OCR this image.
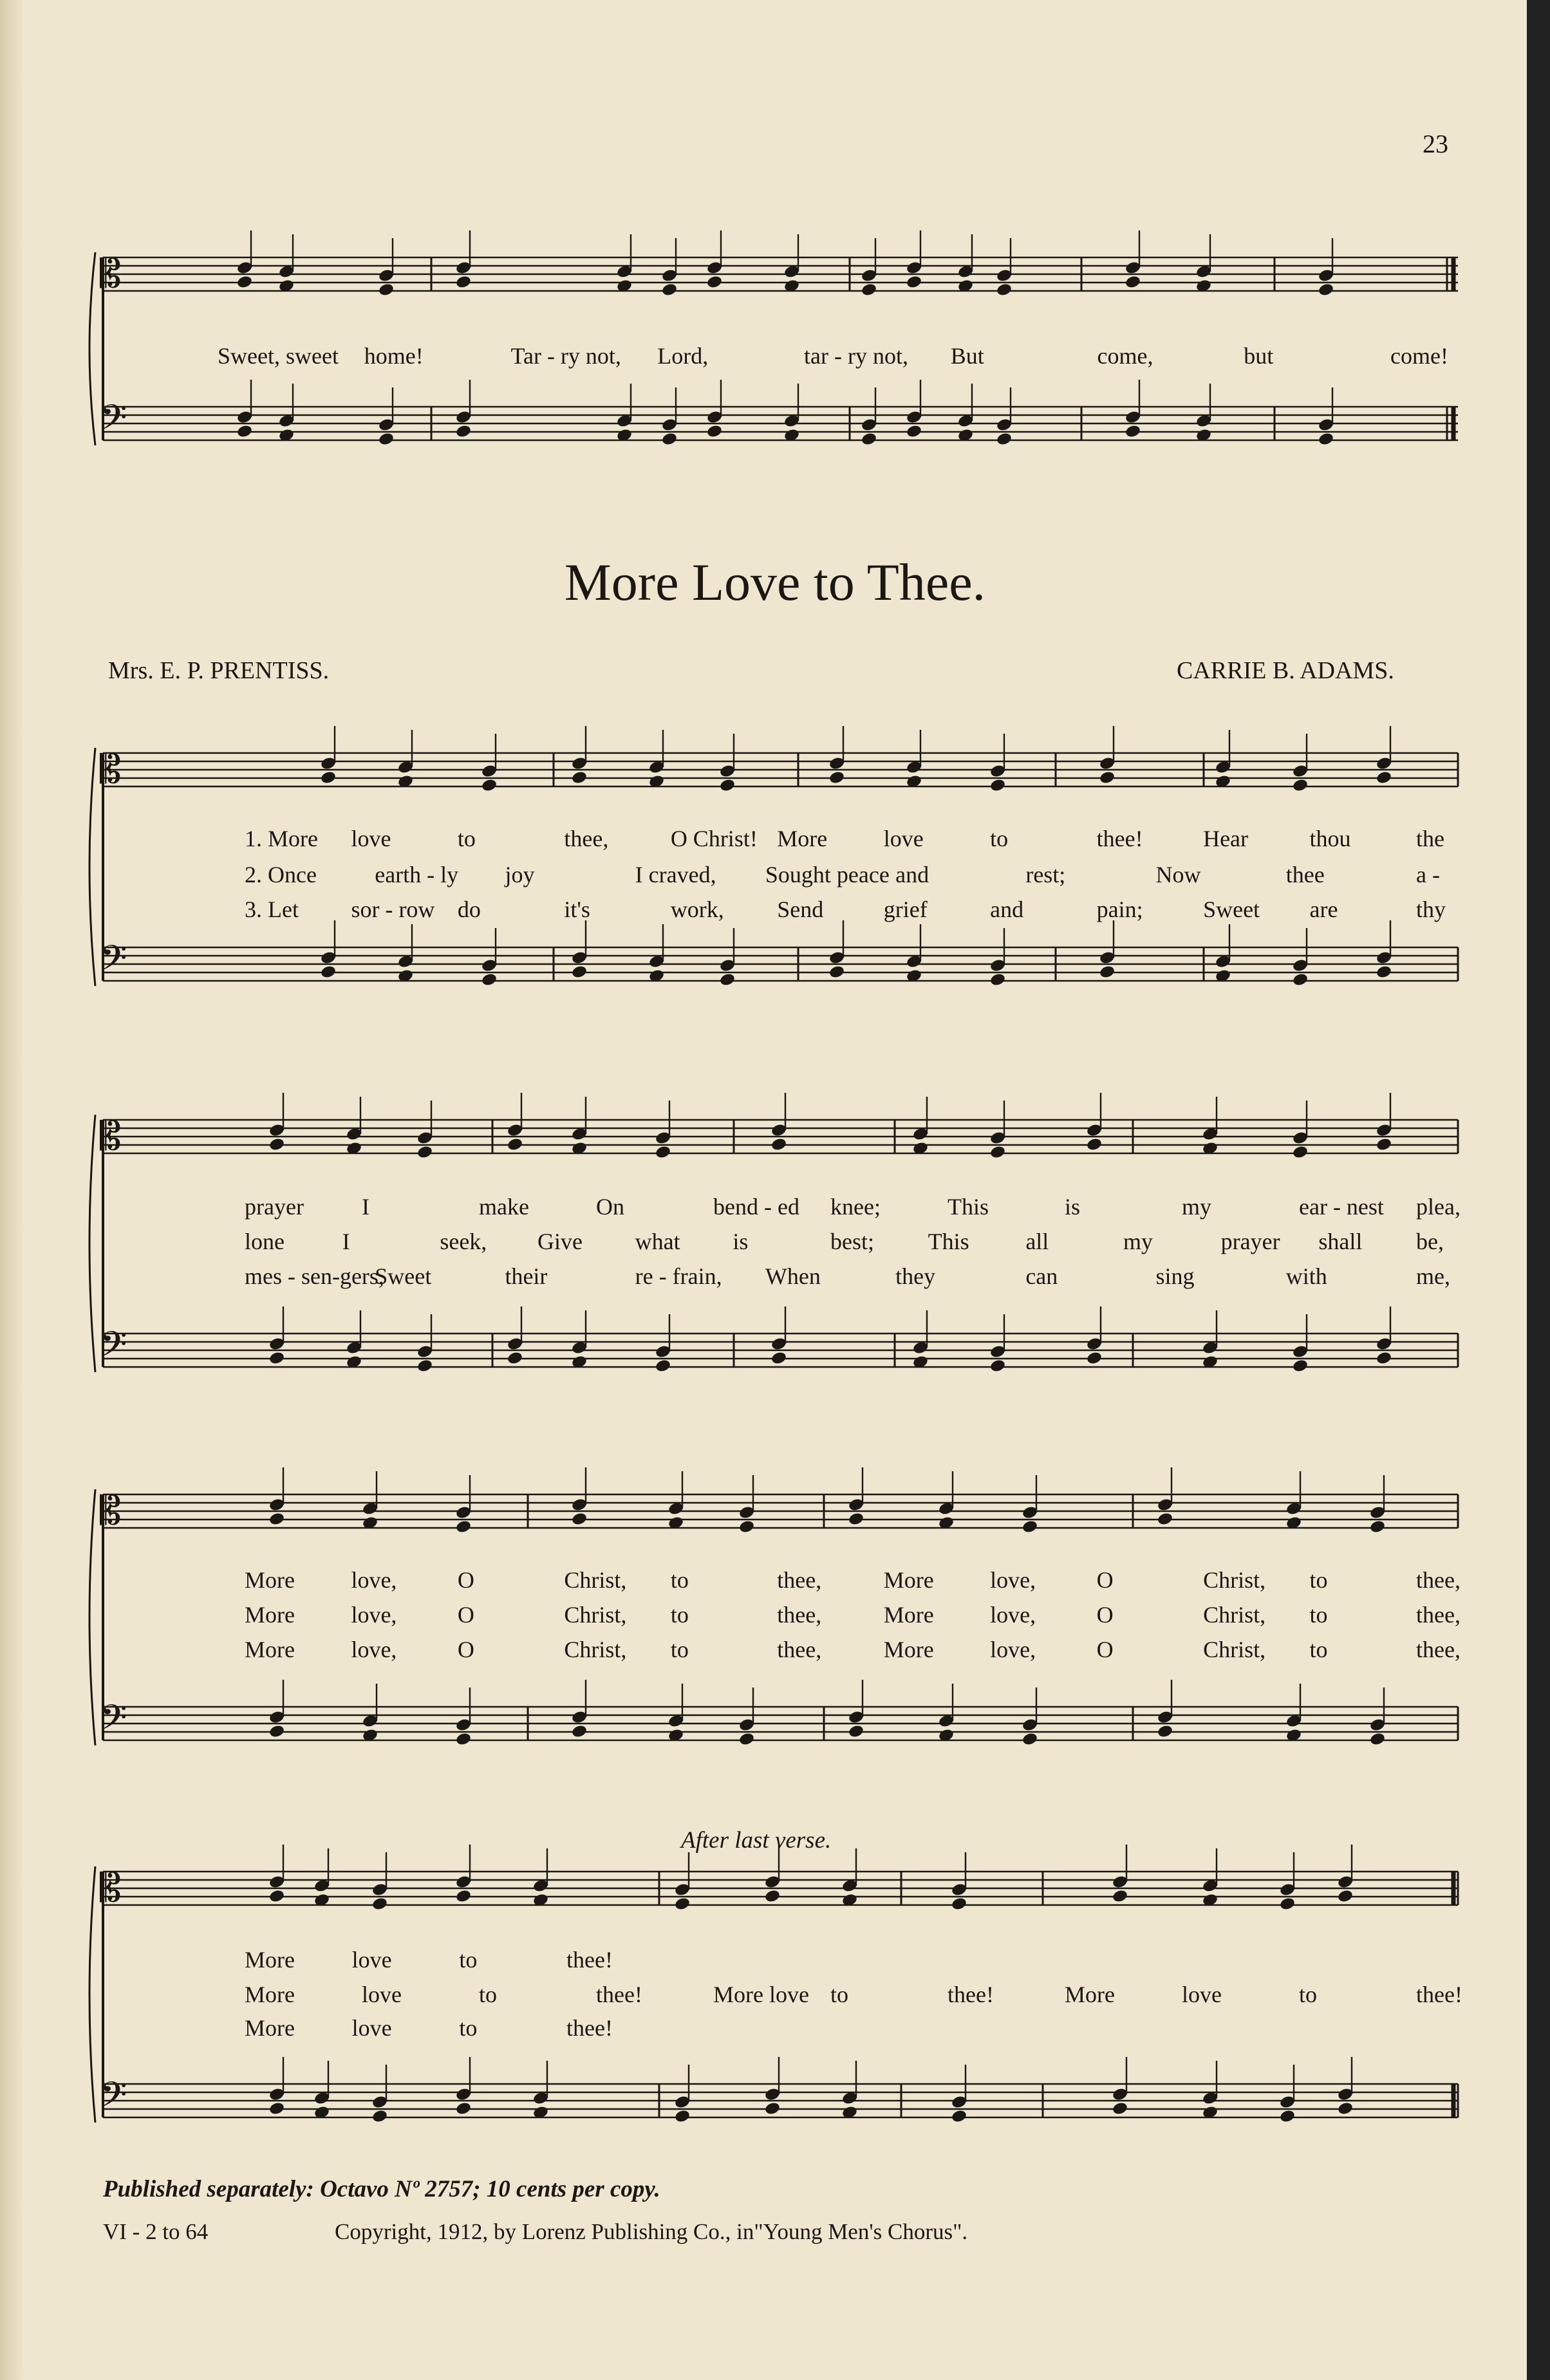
𝄡
𝄢
𝄡
𝄢
𝄡
𝄢
𝄡
𝄢
𝄡
𝄢
23
More Love to Thee.
Mrs. E. P. PRENTISS.	CARRIE B. ADAMS.
Sweet, sweet home!	Tar - ry not, Lord,	tar - ry not, But	come,	but	come!
1. More love	to	thee,	O Christ! More love	to	thee!	Hear	thou	the
2. Once	earth - ly joy	I craved, Sought peace and	rest;	Now	thee	a -
3. Let sor - row do	it's	work, Send	grief	and	pain;	Sweet are	thy
prayer	I	make	On	bend - ed knee;	This	is	my	ear - nest plea,
lone I	seek, Give what is	best; This all	my	prayer shall be,
mes - sen-gers,
Sweet	their	re - frain, When	they	can	sing	with	me,
More love,	O	Christ, to	thee,	More love,	O	Christ, to	thee,
More love,	O	Christ, to	thee,	More love,	O	Christ, to	thee,
More love,	O	Christ, to	thee,	More love,	O	Christ, to	thee,
More love	to	thee!
More	love	to	thee!	More love to	thee!	More	love	to	thee!
More love	to	thee!
After last verse.
Published separately: Octavo Nº 2757; 10 cents per copy.
VI - 2 to 64	Copyright, 1912, by Lorenz Publishing Co., in"Young Men's Chorus".
